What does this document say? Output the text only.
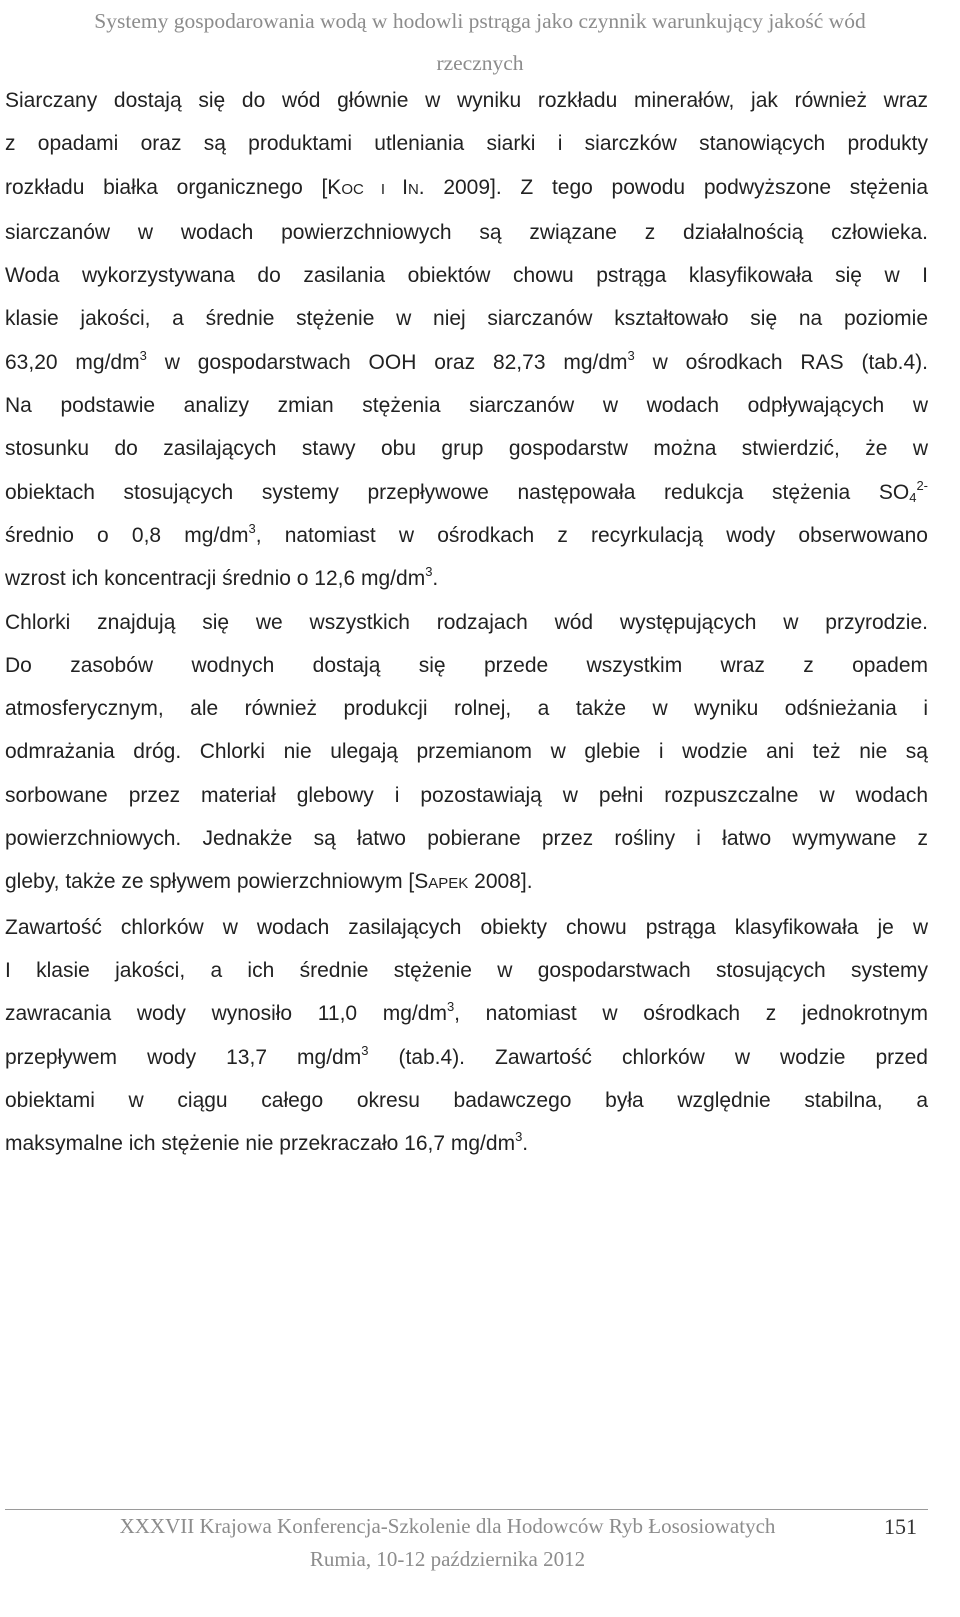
Systemy gospodarowania wodą w hodowli pstrąga jako czynnik warunkujący jakość wód
rzecznych

Siarczany dostają się do wód głównie w wyniku rozkładu minerałów, jak również wraz
z opadami oraz są produktami utleniania siarki i siarczków stanowiących produkty
rozkładu białka organicznego [KOC I IN. 2009]. Z tego powodu podwyższone stężenia
siarczanów w wodach powierzchniowych są związane z działalnością człowieka.
Woda wykorzystywana do zasilania obiektów chowu pstrąga klasyfikowała się w I
klasie jakości, a średnie stężenie w niej siarczanów kształtowało się na poziomie
63,20 $mg/dm^3$ w gospodarstwach OOH oraz 82,73 $mg/dm^3$ w ośrodkach RAS (tab.4).
Na podstawie analizy zmian stężenia siarczanów w wodach odpływających w
stosunku do zasilających stawy obu grup gospodarstw można stwierdzić, że w
obiektach stosujących systemy przepływowe następowała redukcja stężenia $SO_4^{2-}$
średnio o 0,8 $mg/dm^3$, natomiast w ośrodkach z recyrkulacją wody obserwowano
wzrost ich koncentracji średnio o 12,6 $mg/dm^3$.

Chlorki znajdują się we wszystkich rodzajach wód występujących w przyrodzie.
Do zasobów wodnych dostają się przede wszystkim wraz z opadem
atmosferycznym, ale również produkcji rolnej, a także w wyniku odśnieżania i
odmrażania dróg. Chlorki nie ulegają przemianom w glebie i wodzie ani też nie są
sorbowane przez materiał glebowy i pozostawiają w pełni rozpuszczalne w wodach
powierzchniowych. Jednakże są łatwo pobierane przez rośliny i łatwo wymywane z
gleby, także ze spływem powierzchniowym [SAPEK 2008].

Zawartość chlorków w wodach zasilających obiekty chowu pstrąga klasyfikowała je w
I klasie jakości, a ich średnie stężenie w gospodarstwach stosujących systemy
zawracania wody wynosiło 11,0 $mg/dm^3$, natomiast w ośrodkach z jednokrotnym
przepływem wody 13,7 $mg/dm^3$ (tab.4). Zawartość chlorków w wodzie przed
obiektami w ciągu całego okresu badawczego była względnie stabilna, a
maksymalne ich stężenie nie przekraczało 16,7 $mg/dm^3$.

XXXVII Krajowa Konferencja-Szkolenie dla Hodowców Ryb Łososiowatych
Rumia, 10-12 października 2012
151
